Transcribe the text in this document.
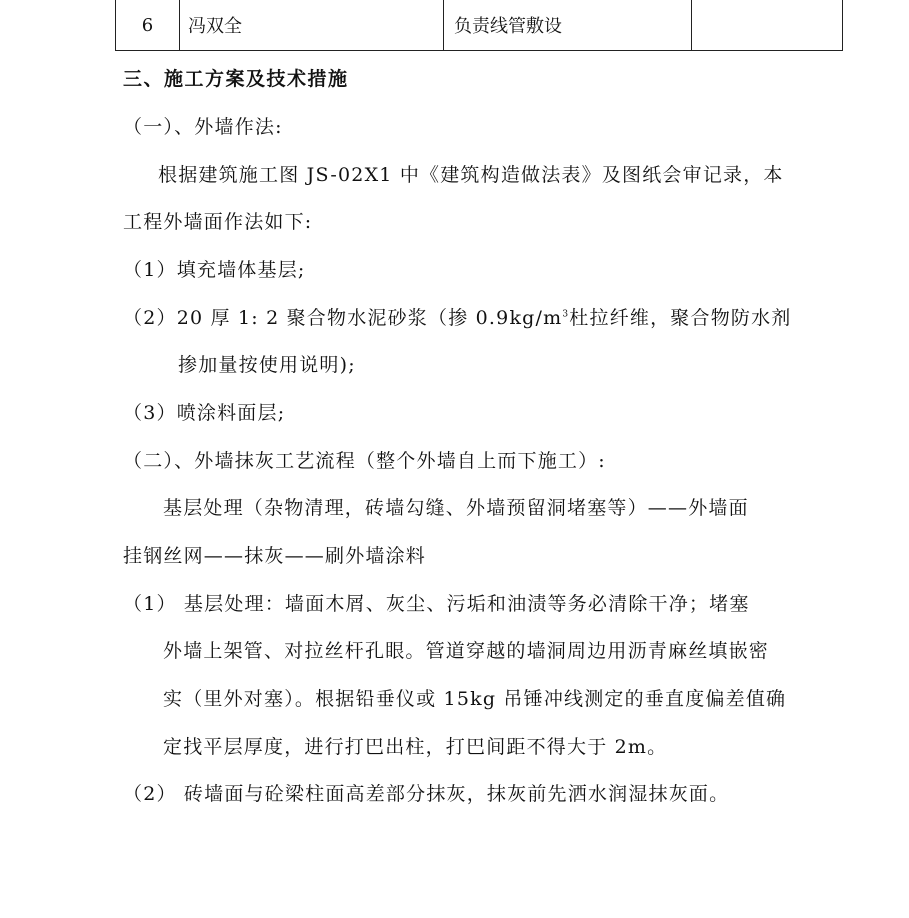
6	冯双全	负责线管敷设	
三、施工方案及技术措施
（一）、外墙作法:
根据建筑施工图 JS-02X1 中《建筑构造做法表》及图纸会审记录，本
工程外墙面作法如下:
（1）填充墙体基层;
（2）20 厚 1: 2 聚合物水泥砂浆（掺 $0.9kg/m^3$杜拉纤维，聚合物防水剂
掺加量按使用说明);
（3）喷涂料面层;
（二）、外墙抹灰工艺流程（整个外墙自上而下施工）:
基层处理（杂物清理，砖墙勾缝、外墙预留洞堵塞等）——外墙面
挂钢丝网——抹灰——刷外墙涂料
（1） 基层处理：墙面木屑、灰尘、污垢和油渍等务必清除干净；堵塞
外墙上架管、对拉丝杆孔眼。管道穿越的墙洞周边用沥青麻丝填嵌密
实（里外对塞）。根据铅垂仪或 15kg 吊锤冲线测定的垂直度偏差值确
定找平层厚度，进行打巴出柱，打巴间距不得大于 2m。
（2） 砖墙面与砼梁柱面高差部分抹灰，抹灰前先洒水润湿抹灰面。
